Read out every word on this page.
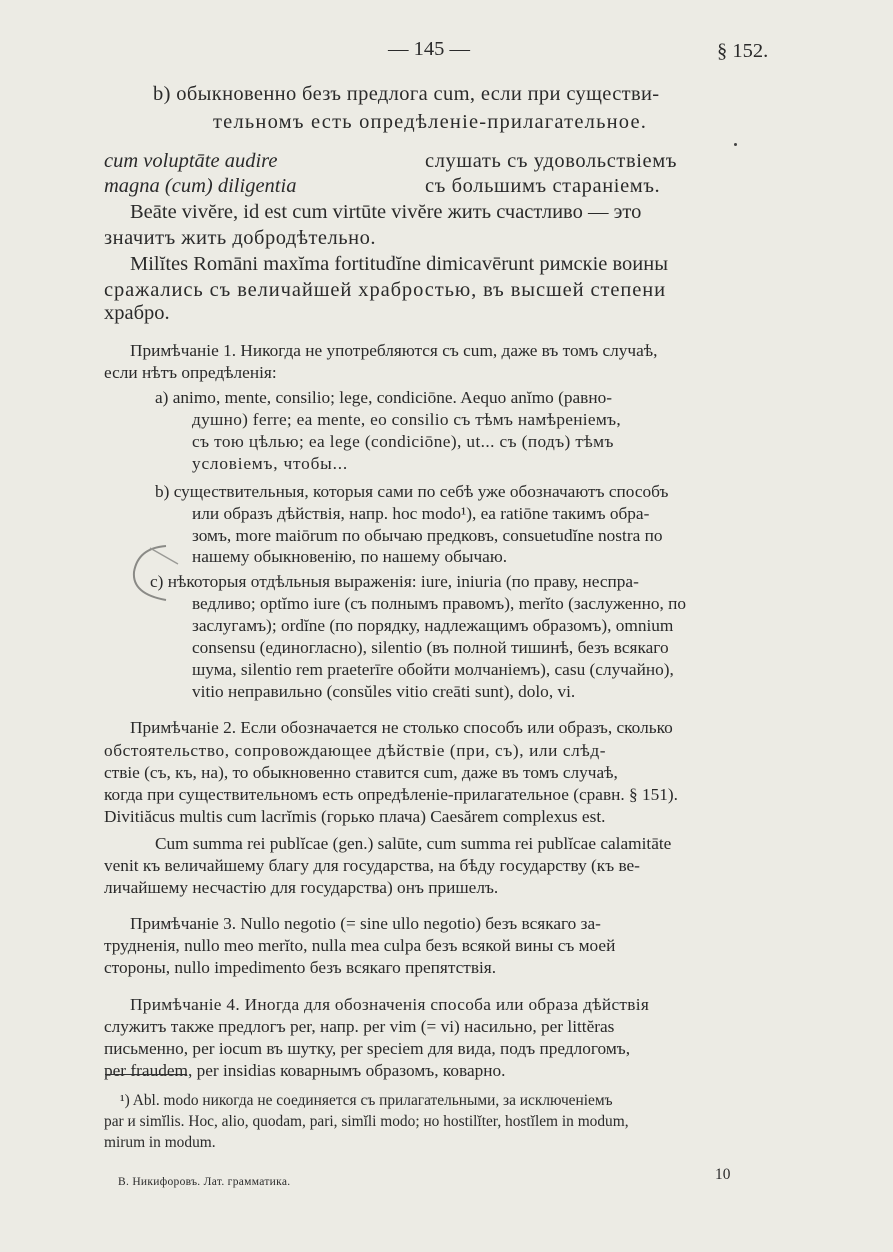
— 145 —	§ 152.
b) обыкновенно безъ предлога cum, если при существи-
тельномъ есть опредѣленіе-прилагательное.
cum voluptāte audire	слушать съ удовольствіемъ
magna (cum) diligentia	съ большимъ стараніемъ.
Beāte vivĕre, id est cum virtūte vivĕre жить счастливо — это
значитъ жить добродѣтельно.
Milĭtes Romāni maxĭma fortitudĭne dimicavērunt римскіе воины
сражались съ величайшей храбростью, въ высшей степени
храбро.
Примѣчаніе 1. Никогда не употребляются съ cum, даже въ томъ случаѣ,
если нѣтъ опредѣленія:
a) animo, mente, consilio; lege, condiciōne. Aequo anĭmo (равно-
душно) ferre; ea mente, eo consilio съ тѣмъ намѣреніемъ,
съ тою цѣлью; ea lege (condiciōne), ut... съ (подъ) тѣмъ
условіемъ, чтобы...
b) существительныя, которыя сами по себѣ уже обозначаютъ способъ
или образъ дѣйствія, напр. hoc modo¹), ea ratiōne такимъ обра-
зомъ, more maiōrum по обычаю предковъ, consuetudĭne nostra по
нашему обыкновенію, по нашему обычаю.
c) нѣкоторыя отдѣльныя выраженія: iure, iniuria (по праву, неспра-
ведливо; optĭmo iure (съ полнымъ правомъ), merĭto (заслуженно, по
заслугамъ); ordĭne (по порядку, надлежащимъ образомъ), omnium
consensu (единогласно), silentio (въ полной тишинѣ, безъ всякаго
шума, silentio rem praeterīre обойти молчаніемъ), casu (случайно),
vitio неправильно (consŭles vitio creāti sunt), dolo, vi.
Примѣчаніе 2. Если обозначается не столько способъ или образъ, сколько
обстоятельство, сопровождающее дѣйствіе (при, съ), или слѣд-
ствіе (съ, къ, на), то обыкновенно ставится cum, даже въ томъ случаѣ,
когда при существительномъ есть опредѣленіе-прилагательное (сравн. § 151).
Divitiăcus multis cum lacrĭmis (горько плача) Caesărem complexus est.
Cum summa rei publĭcae (gen.) salūte, cum summa rei publĭcae calamitāte
venit къ величайшему благу для государства, на бѣду государству (къ ве-
личайшему несчастію для государства) онъ пришелъ.
Примѣчаніе 3. Nullo negotio (= sine ullo negotio) безъ всякаго за-
трудненія, nullo meo merĭto, nulla mea culpa безъ всякой вины съ моей
стороны, nullo impedimento безъ всякаго препятствія.
Примѣчаніе 4. Иногда для обозначенія способа или образа дѣйствія
служитъ также предлогъ per, напр. per vim (= vi) насильно, per littĕras
письменно, per iocum въ шутку, per speciem для вида, подъ предлогомъ,
per fraudem, per insidias коварнымъ образомъ, коварно.
¹) Abl. modo никогда не соединяется съ прилагательными, за исключеніемъ
par и simĭlis. Hoc, alio, quodam, pari, simĭli modo; но hostilĭter, hostĭlem in modum,
mirum in modum.
В. Никифоровъ. Лат. грамматика.	10
